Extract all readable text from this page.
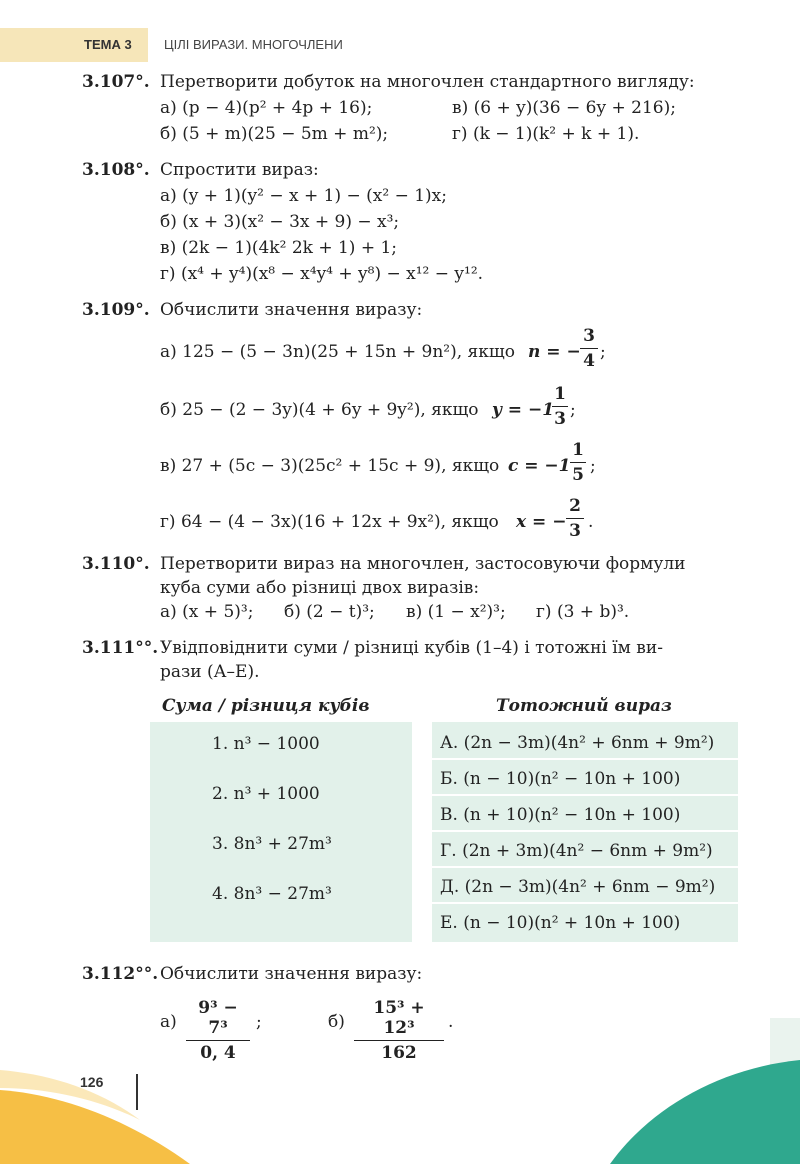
ТЕМА 3 ЦІЛІ ВИРАЗИ. МНОГОЧЛЕНИ
3.107°. Перетворити добуток на многочлен стандартного вигляду:
а) (p − 4)(p² + 4p + 16);	в) (6 + y)(36 − 6y + 216);
б) (5 + m)(25 − 5m + m²);	г) (k − 1)(k² + k + 1).
3.108°. Спростити вираз:
а) (y + 1)(y² − x + 1) − (x² − 1)x;
б) (x + 3)(x² − 3x + 9) − x³;
в) (2k − 1)(4k² 2k + 1) + 1;
г) (x⁴ + y⁴)(x⁸ − x⁴y⁴ + y⁸) − x¹² − y¹².
3.109°. Обчислити значення виразу:
а) 125 − (5 − 3n)(25 + 15n + 9n²), якщо n = −
3
4 ;
б) 25 − (2 − 3y)(4 + 6y + 9y²), якщо y = −1
1
3 ;
в) 27 + (5c − 3)(25c² + 15c + 9), якщо c = −1
1
5 ;
г) 64 − (4 − 3x)(16 + 12x + 9x²), якщо x = −
2
3 .
3.110°. Перетворити вираз на многочлен, застосовуючи формули
куба суми або різниці двох виразів:
а) (x + 5)³; б) (2 − t)³; в) (1 − x²)³; г) (3 + b)³.
3.111°°. Увідповіднити суми / різниці кубів (1–4) і тотожні їм ви-
рази (А–Е).
Сума / різниця кубів	Тотожний вираз
1. n³ − 1000
2. n³ + 1000
3. 8n³ + 27m³
4. 8n³ − 27m³
А. (2n − 3m)(4n² + 6nm + 9m²)
Б. (n − 10)(n² − 10n + 100)
В. (n + 10)(n² − 10n + 100)
Г. (2n + 3m)(4n² − 6nm + 9m²)
Д. (2n − 3m)(4n² + 6nm − 9m²)
Е. (n − 10)(n² + 10n + 100)
3.112°°. Обчислити значення виразу:
а)
9³ − 7³
0, 4
;	б)
15³ + 12³
162
.
126
